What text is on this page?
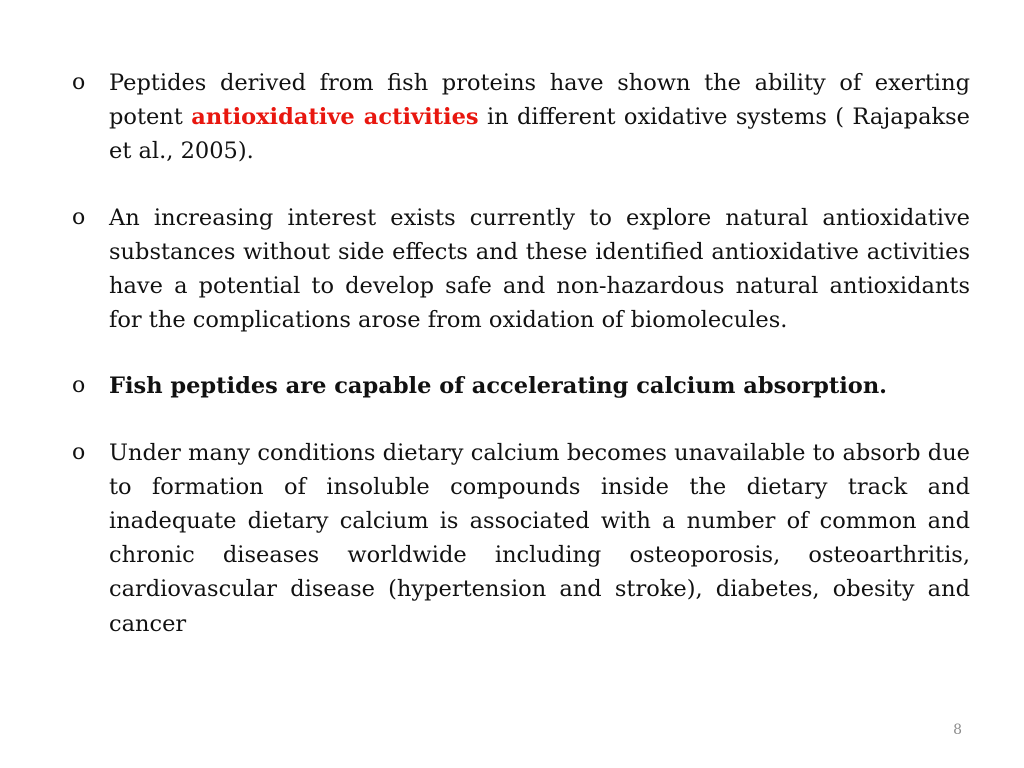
o	Peptides derived from fish proteins have shown the ability of exerting potent antioxidative activities in different oxidative systems ( Rajapakse et al., 2005).
o	An increasing interest exists currently to explore natural antioxidative substances without side effects and these identified antioxidative activities have a potential to develop safe and non-hazardous natural antioxidants for the complications arose from oxidation of biomolecules.
o	Fish peptides are capable of accelerating calcium absorption.
o	Under many conditions dietary calcium becomes unavailable to absorb due to formation of insoluble compounds inside the dietary track and inadequate dietary calcium is associated with a number of common and chronic diseases worldwide including osteoporosis, osteoarthritis, cardiovascular disease (hypertension and stroke), diabetes, obesity and cancer
8
